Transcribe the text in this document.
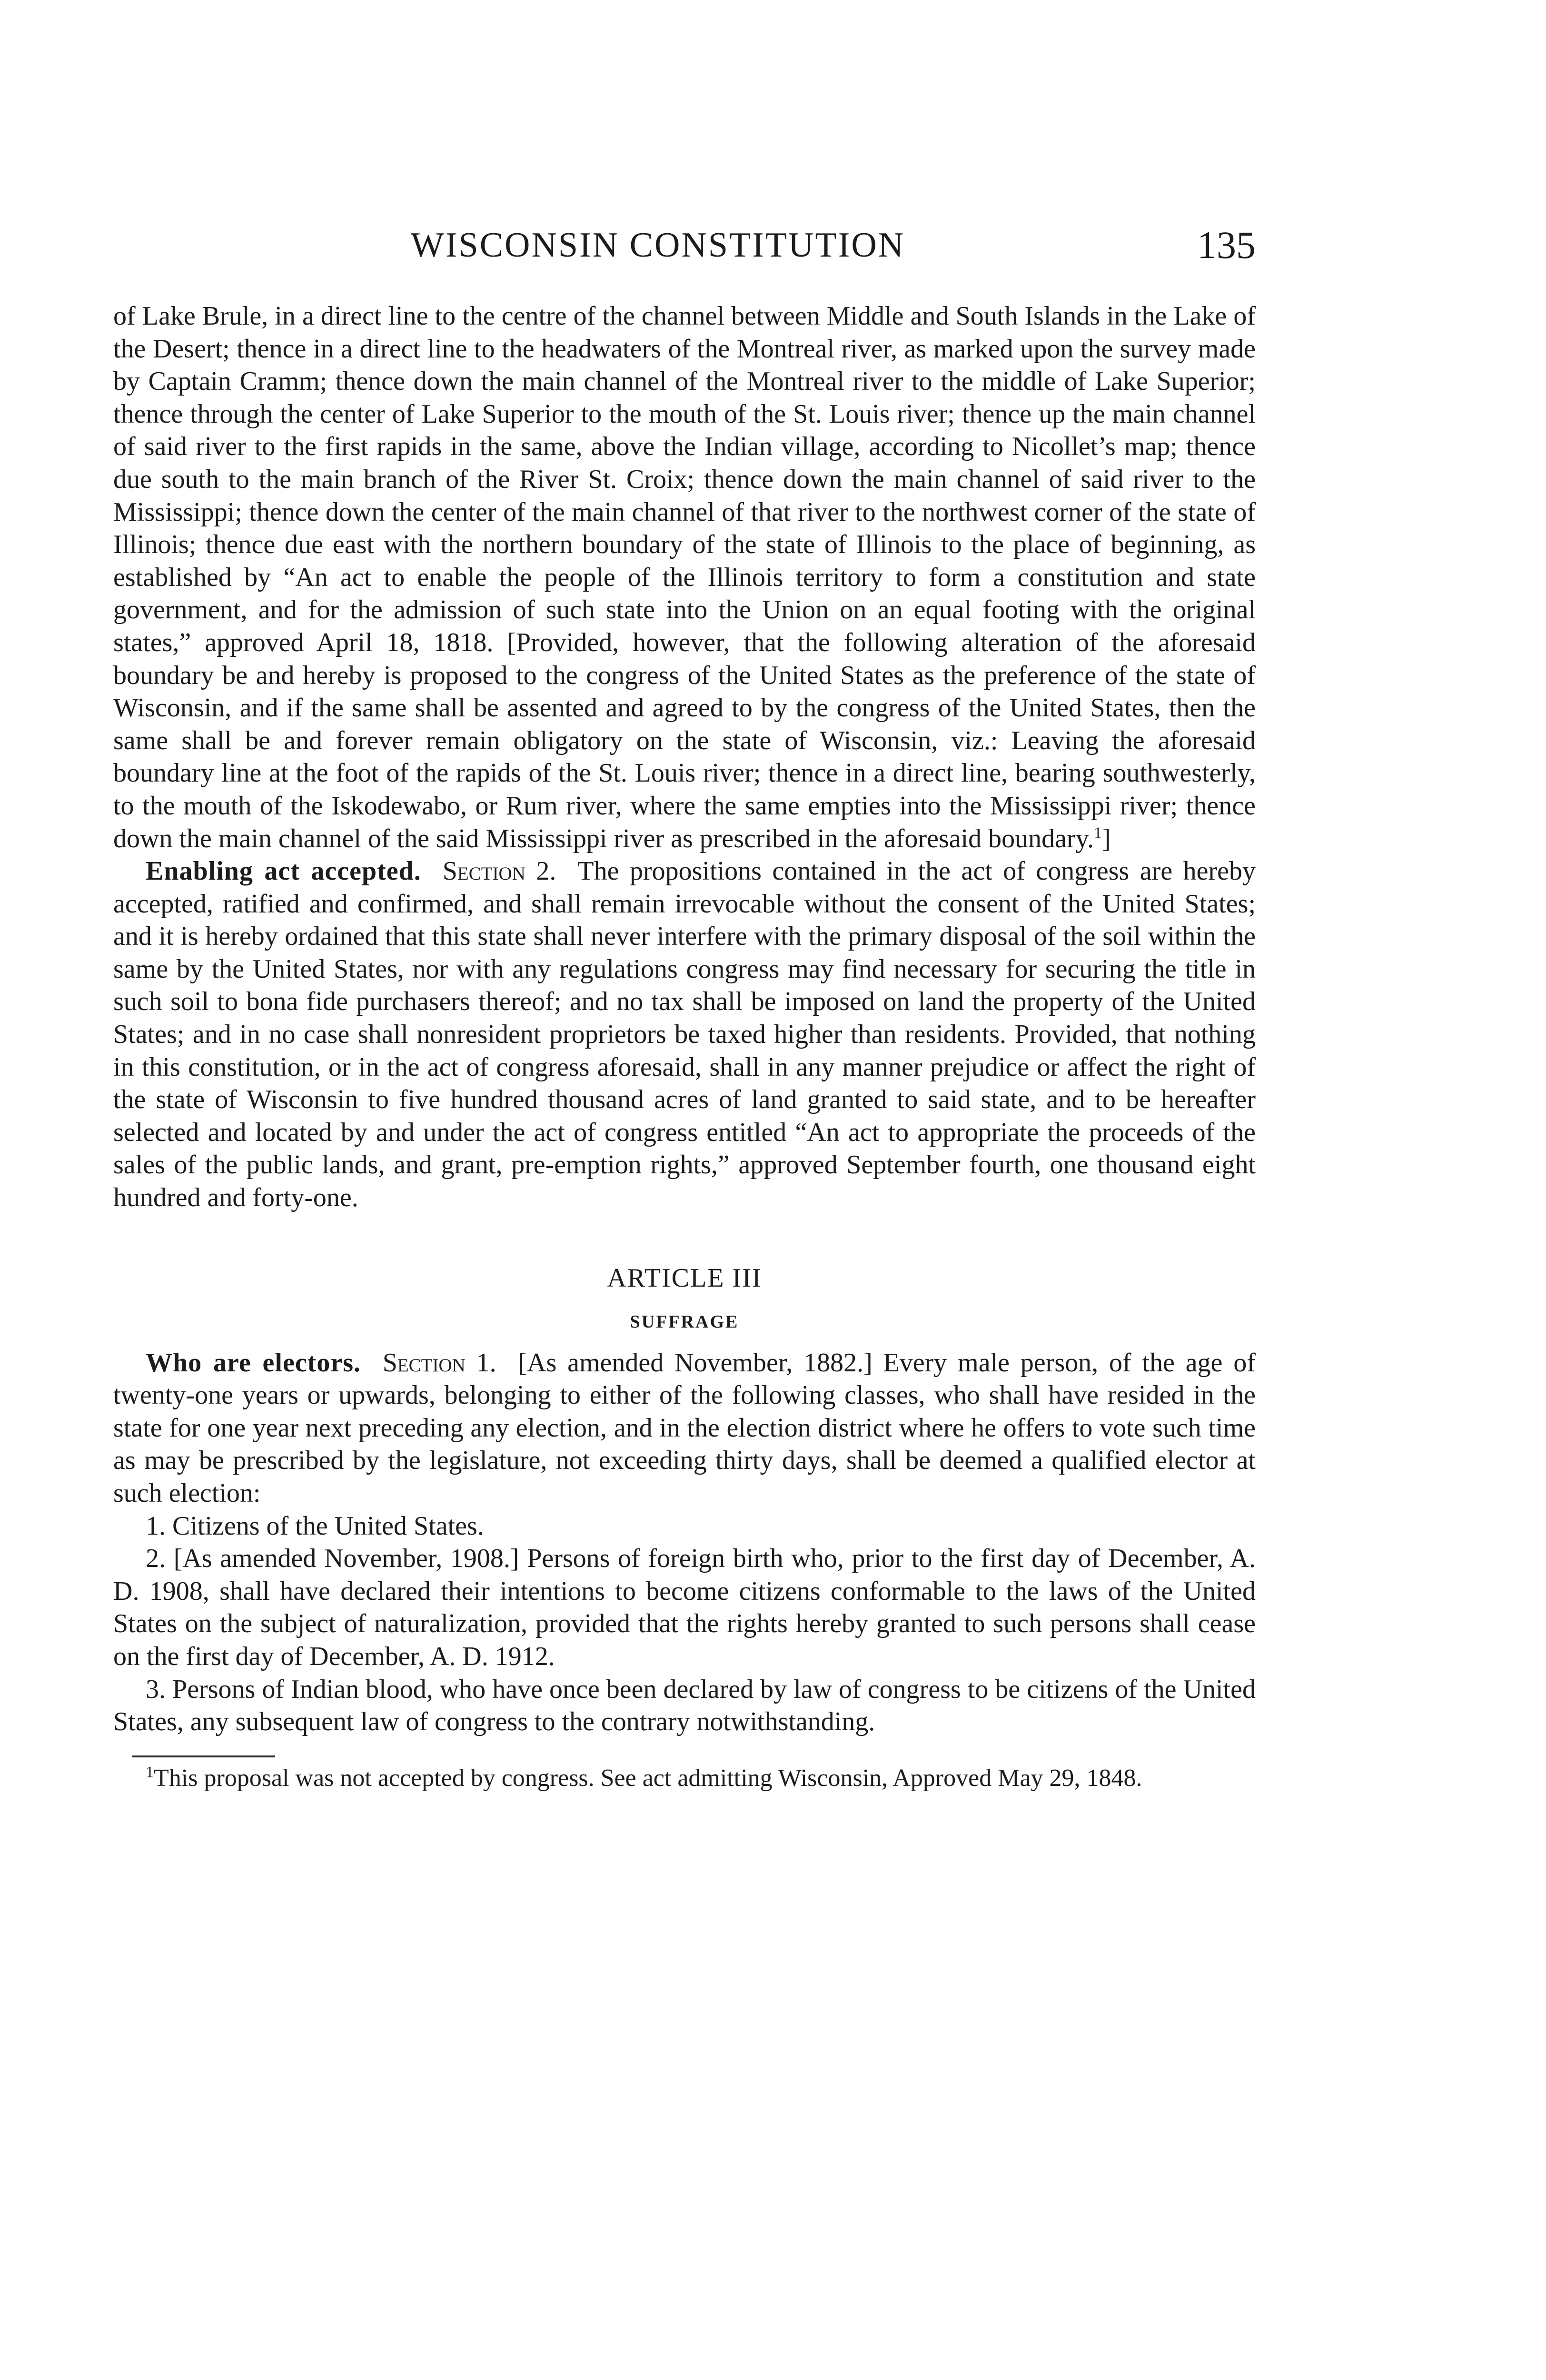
WISCONSIN CONSTITUTION	135

of Lake Brule, in a direct line to the centre of the channel between Middle and South Islands in the Lake of the Desert; thence in a direct line to the headwaters of the Montreal river, as marked upon the survey made by Captain Cramm; thence down the main channel of the Montreal river to the middle of Lake Superior; thence through the center of Lake Superior to the mouth of the St. Louis river; thence up the main channel of said river to the first rapids in the same, above the Indian village, according to Nicollet’s map; thence due south to the main branch of the River St. Croix; thence down the main channel of said river to the Mississippi; thence down the center of the main channel of that river to the northwest corner of the state of Illinois; thence due east with the northern boundary of the state of Illinois to the place of beginning, as established by “An act to enable the people of the Illinois territory to form a constitution and state government, and for the admission of such state into the Union on an equal footing with the original states,” approved April 18, 1818. [Provided, however, that the following alteration of the aforesaid boundary be and hereby is proposed to the congress of the United States as the preference of the state of Wisconsin, and if the same shall be assented and agreed to by the congress of the United States, then the same shall be and forever remain obligatory on the state of Wisconsin, viz.: Leaving the aforesaid boundary line at the foot of the rapids of the St. Louis river; thence in a direct line, bearing southwesterly, to the mouth of the Iskodewabo, or Rum river, where the same empties into the Mississippi river; thence down the main channel of the said Mississippi river as prescribed in the aforesaid boundary.$^1$]

Enabling act accepted. Section 2. The propositions contained in the act of congress are hereby accepted, ratified and confirmed, and shall remain irrevocable without the consent of the United States; and it is hereby ordained that this state shall never interfere with the primary disposal of the soil within the same by the United States, nor with any regulations congress may find necessary for securing the title in such soil to bona fide purchasers thereof; and no tax shall be imposed on land the property of the United States; and in no case shall nonresident proprietors be taxed higher than residents. Provided, that nothing in this constitution, or in the act of congress aforesaid, shall in any manner prejudice or affect the right of the state of Wisconsin to five hundred thousand acres of land granted to said state, and to be hereafter selected and located by and under the act of congress entitled “An act to appropriate the proceeds of the sales of the public lands, and grant, pre-emption rights,” approved September fourth, one thousand eight hundred and forty-one.

ARTICLE III
SUFFRAGE

Who are electors. Section 1. [As amended November, 1882.] Every male person, of the age of twenty-one years or upwards, belonging to either of the following classes, who shall have resided in the state for one year next preceding any election, and in the election district where he offers to vote such time as may be prescribed by the legislature, not exceeding thirty days, shall be deemed a qualified elector at such election:

1. Citizens of the United States.

2. [As amended November, 1908.] Persons of foreign birth who, prior to the first day of December, A. D. 1908, shall have declared their intentions to become citizens conformable to the laws of the United States on the subject of naturalization, provided that the rights hereby granted to such persons shall cease on the first day of December, A. D. 1912.

3. Persons of Indian blood, who have once been declared by law of congress to be citizens of the United States, any subsequent law of congress to the contrary notwithstanding.

$^1$This proposal was not accepted by congress. See act admitting Wisconsin, Approved May 29, 1848.
